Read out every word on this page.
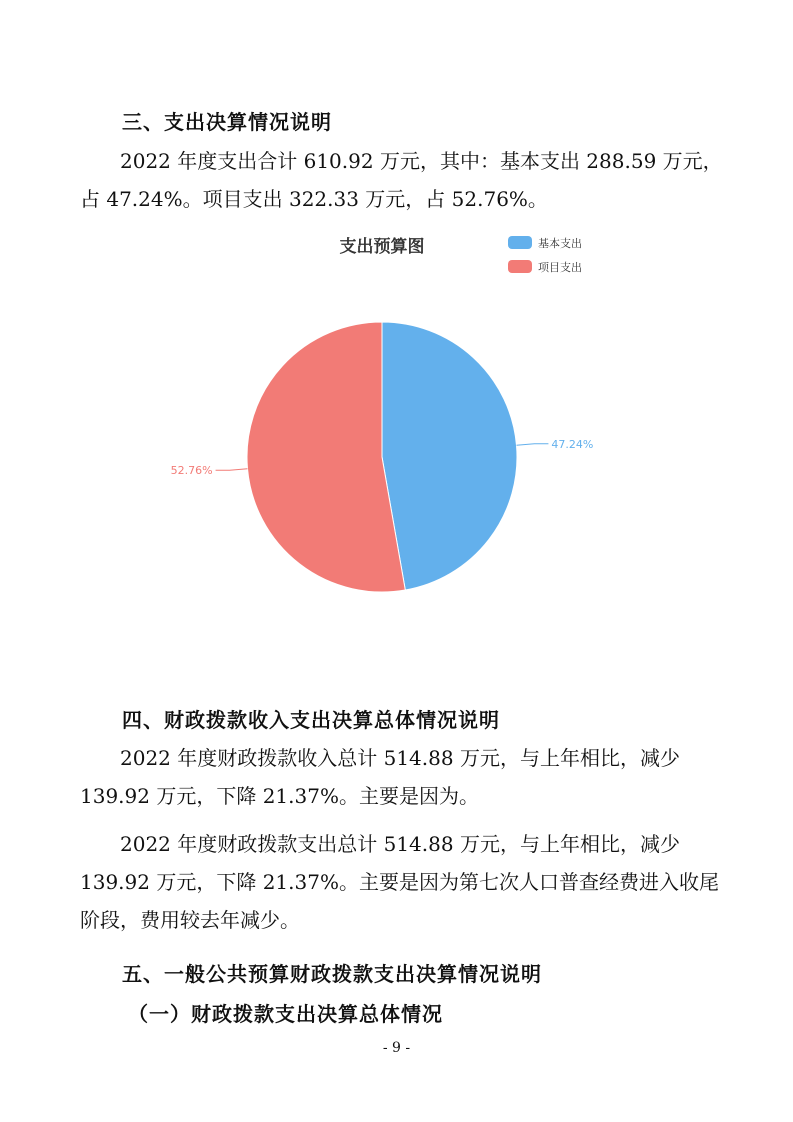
三、支出决算情况说明

2022 年度支出合计 610.92 万元，其中：基本支出 288.59 万元，
占 47.24%。项目支出 322.33 万元，占 52.76%。

支出预算图	基本支出
项目支出
47.24%
52.76%
四、财政拨款收入支出决算总体情况说明

2022 年度财政拨款收入总计 514.88 万元，与上年相比，减少
139.92 万元，下降 21.37%。主要是因为。

2022 年度财政拨款支出总计 514.88 万元，与上年相比，减少
139.92 万元，下降 21.37%。主要是因为第七次人口普查经费进入收尾
阶段，费用较去年减少。

五、一般公共预算财政拨款支出决算情况说明
（一）财政拨款支出决算总体情况
- 9 -
